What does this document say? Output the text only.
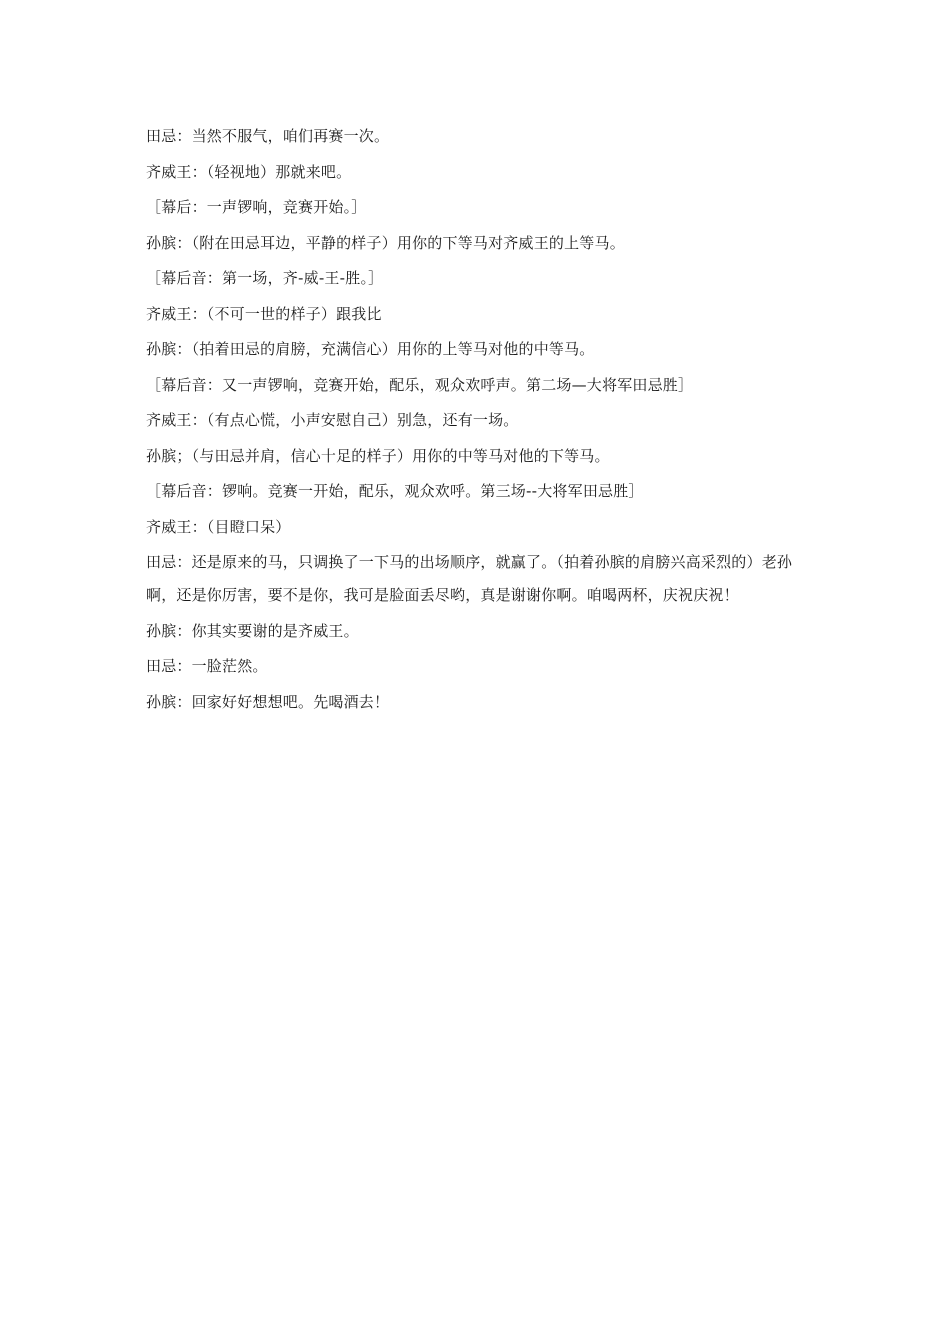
田忌：当然不服气，咱们再赛一次。

齐威王：（轻视地）那就来吧。

［幕后：一声锣响，竞赛开始。］

孙膑：（附在田忌耳边，平静的样子）用你的下等马对齐威王的上等马。

［幕后音：第一场，齐-威-王-胜。］

齐威王：（不可一世的样子）跟我比

孙膑：（拍着田忌的肩膀，充满信心）用你的上等马对他的中等马。

［幕后音：又一声锣响，竞赛开始，配乐，观众欢呼声。第二场—大将军田忌胜］

齐威王：（有点心慌，小声安慰自己）别急，还有一场。

孙膑；（与田忌并肩，信心十足的样子）用你的中等马对他的下等马。

［幕后音：锣响。竞赛一开始，配乐，观众欢呼。第三场--大将军田忌胜］

齐威王：（目瞪口呆）

田忌：还是原来的马，只调换了一下马的出场顺序，就赢了。（拍着孙膑的肩膀兴高采烈的）老孙

啊，还是你厉害，要不是你，我可是脸面丢尽哟，真是谢谢你啊。咱喝两杯，庆祝庆祝！

孙膑：你其实要谢的是齐威王。

田忌：一脸茫然。

孙膑：回家好好想想吧。先喝酒去！
